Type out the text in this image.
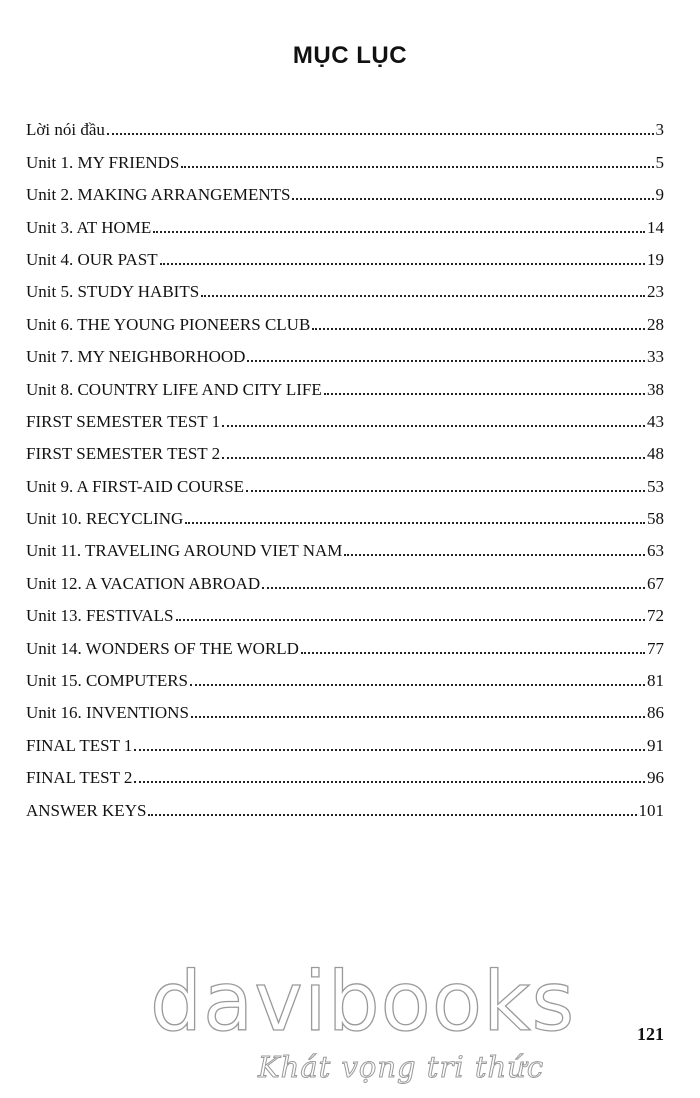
MỤC LỤC
Lời nói đầu	3
Unit 1. MY FRIENDS	5
Unit 2. MAKING ARRANGEMENTS	9
Unit 3. AT HOME	14
Unit 4. OUR PAST	19
Unit 5. STUDY HABITS	23
Unit 6. THE YOUNG PIONEERS CLUB	28
Unit 7. MY NEIGHBORHOOD	33
Unit 8. COUNTRY LIFE AND CITY LIFE	38
FIRST SEMESTER TEST 1	43
FIRST SEMESTER TEST 2	48
Unit 9. A FIRST-AID COURSE	53
Unit 10. RECYCLING	58
Unit 11. TRAVELING AROUND VIET NAM	63
Unit 12. A VACATION ABROAD	67
Unit 13. FESTIVALS	72
Unit 14. WONDERS OF THE WORLD	77
Unit 15. COMPUTERS	81
Unit 16. INVENTIONS	86
FINAL TEST 1	91
FINAL TEST 2	96
ANSWER KEYS	101
121
davibooks
Khát vọng tri thức
